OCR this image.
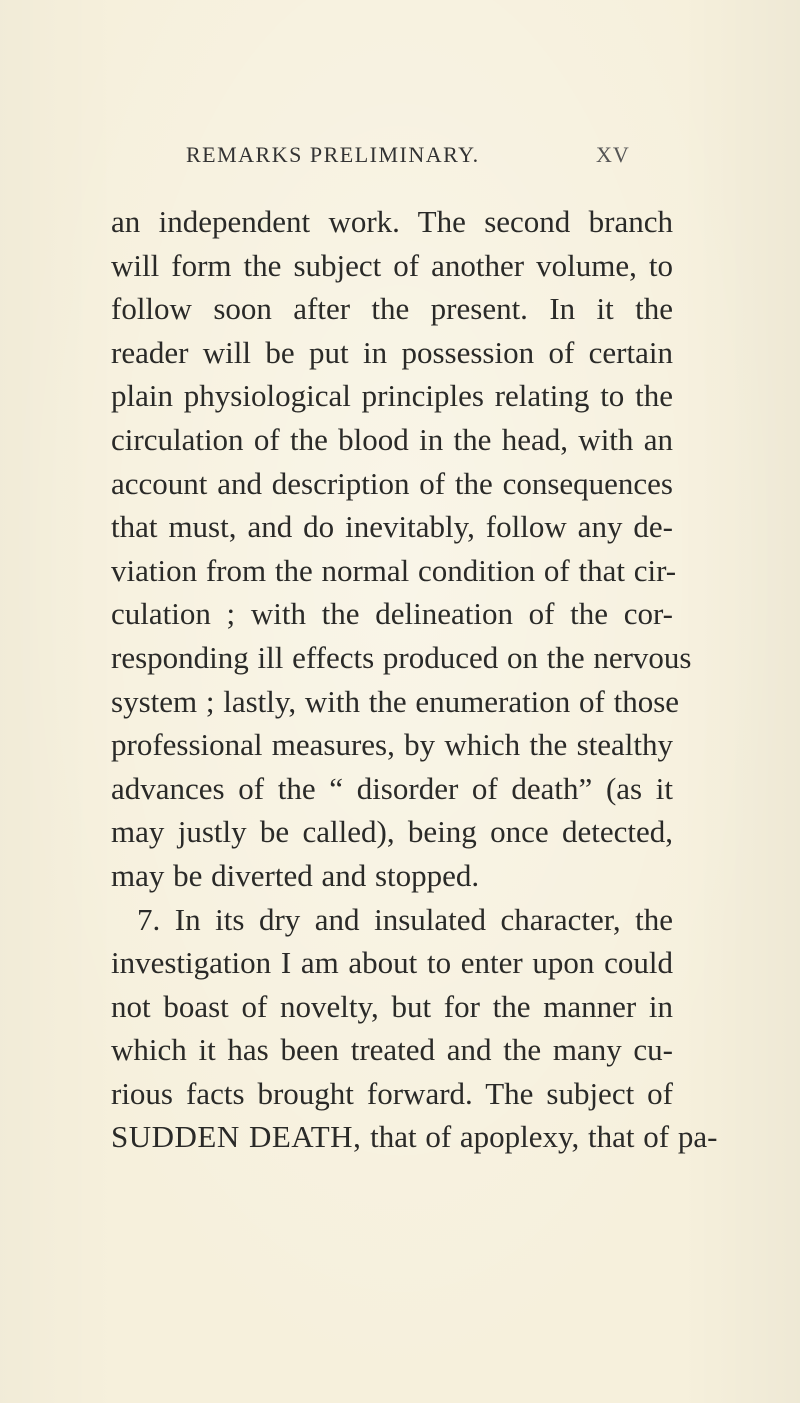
REMARKS PRELIMINARY.	XV
an independent work. The second branch
will form the subject of another volume, to
follow soon after the present. In it the
reader will be put in possession of certain
plain physiological principles relating to the
circulation of the blood in the head, with an
account and description of the consequences
that must, and do inevitably, follow any de-
viation from the normal condition of that cir-
culation ; with the delineation of the cor-
responding ill effects produced on the nervous
system ; lastly, with the enumeration of those
professional measures, by which the stealthy
advances of the “ disorder of death” (as it
may justly be called), being once detected,
may be diverted and stopped.
7. In its dry and insulated character, the
investigation I am about to enter upon could
not boast of novelty, but for the manner in
which it has been treated and the many cu-
rious facts brought forward. The subject of
SUDDEN DEATH, that of apoplexy, that of pa-
